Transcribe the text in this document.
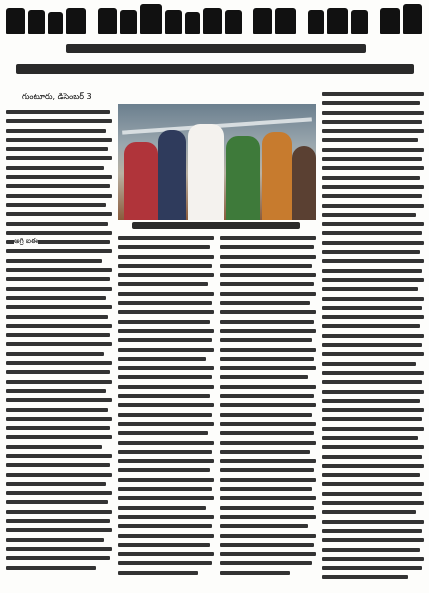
గుంటూరు, డిసెంబర్ 3
అగ్రి ఐఈ
